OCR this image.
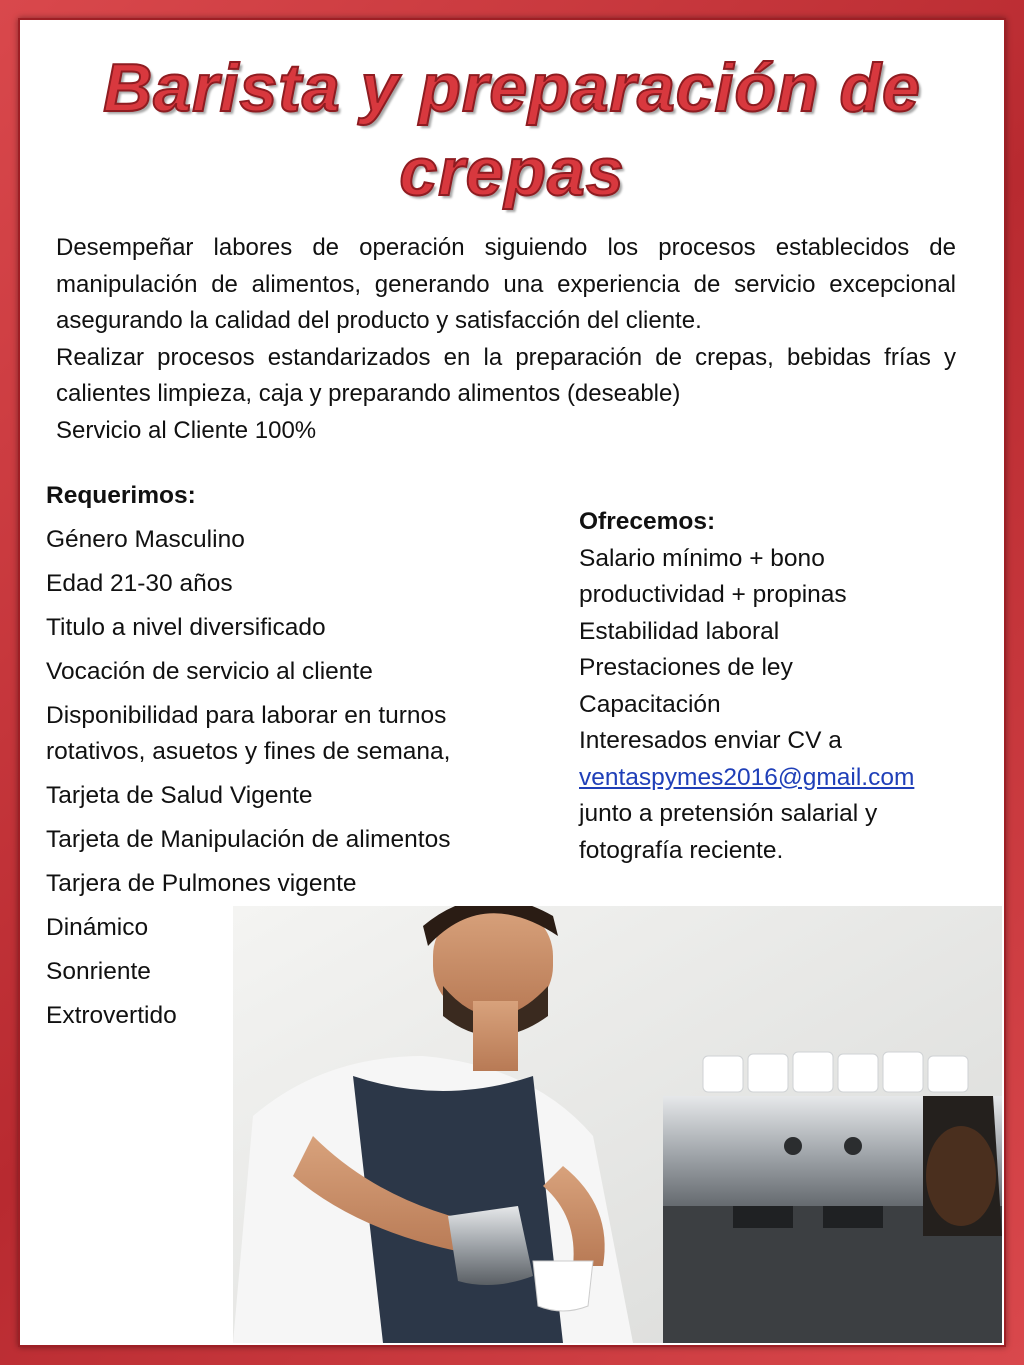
Barista y preparación de
crepas

Desempeñar labores de operación siguiendo los procesos establecidos de manipulación de alimentos, generando una experiencia de servicio excepcional asegurando la calidad del producto y satisfacción del cliente.

Realizar procesos estandarizados en la preparación de crepas, bebidas frías y calientes limpieza, caja y preparando alimentos (deseable)

Servicio al Cliente 100%

Requerimos:
Género Masculino
Edad 21-30 años
Titulo a nivel diversificado
Vocación de servicio al cliente
Disponibilidad para laborar en turnos rotativos, asuetos y fines de semana,
Tarjeta de Salud Vigente
Tarjeta de Manipulación de alimentos
Tarjera de Pulmones vigente
Dinámico
Sonriente
Extrovertido
Ofrecemos:
Salario mínimo + bono
productividad + propinas
Estabilidad laboral
Prestaciones de ley
Capacitación
Interesados enviar CV a
ventaspymes2016@gmail.com
junto a pretensión salarial y
fotografía reciente.
